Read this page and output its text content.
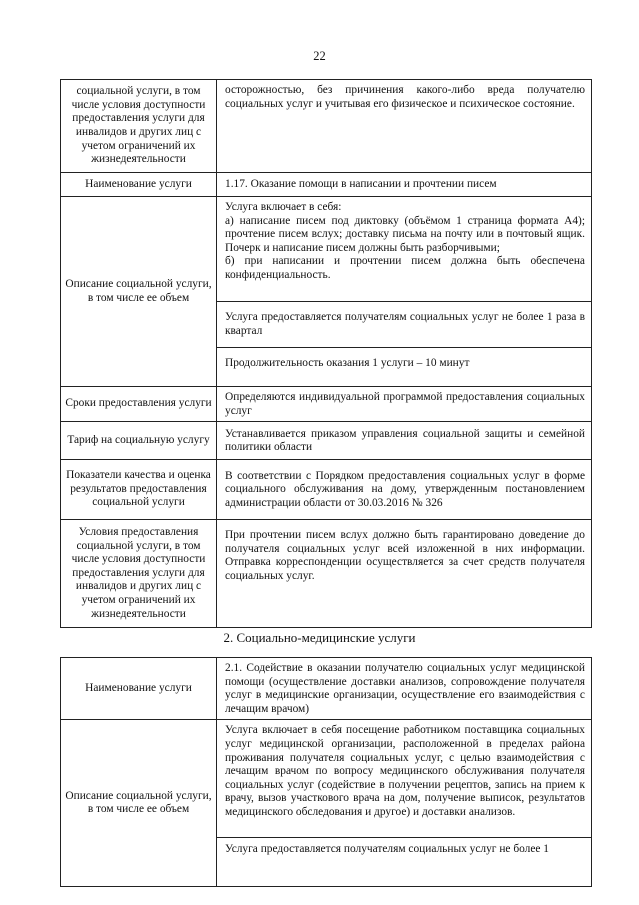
22
социальной услуги, в том числе условия доступности предоставления услуги для инвалидов и других лиц с учетом ограничений их жизнедеятельности	осторожностью, без причинения какого-либо вреда получателю социальных услуг и учитывая его физическое и психическое состояние.
Наименование услуги	1.17. Оказание помощи в написании и прочтении писем
Описание социальной услуги, в том числе ее объем	Услуга включает в себя:
а) написание писем под диктовку (объёмом 1 страница формата А4); прочтение писем вслух; доставку письма на почту или в почтовый ящик. Почерк и написание писем должны быть разборчивыми;
б) при написании и прочтении писем должна быть обеспечена конфиденциальность.
Услуга предоставляется получателям социальных услуг не более 1 раза в квартал
Продолжительность оказания 1 услуги – 10 минут

Сроки предоставления услуги	Определяются индивидуальной программой предоставления социальных услуг
Тариф на социальную услугу	Устанавливается приказом управления социальной защиты и семейной политики области
Показатели качества и оценка результатов предоставления социальной услуги	В соответствии с Порядком предоставления социальных услуг в форме социального обслуживания на дому, утвержденным постановлением администрации области от 30.03.2016 № 326
Условия предоставления социальной услуги, в том числе условия доступности предоставления услуги для инвалидов и других лиц с учетом ограничений их жизнедеятельности	При прочтении писем вслух должно быть гарантировано доведение до получателя социальных услуг всей изложенной в них информации. Отправка корреспонденции осуществляется за счет средств получателя социальных услуг.
2. Социально-медицинские услуги
Наименование услуги	2.1. Содействие в оказании получателю социальных услуг медицинской помощи (осуществление доставки анализов, сопровождение получателя услуг в медицинские организации, осуществление его взаимодействия с лечащим врачом)
Описание социальной услуги, в том числе ее объем	Услуга включает в себя посещение работником поставщика социальных услуг медицинской организации, расположенной в пределах района проживания получателя социальных услуг, с целью взаимодействия с лечащим врачом по вопросу медицинского обслуживания получателя социальных услуг (содействие в получении рецептов, запись на прием к врачу, вызов участкового врача на дом, получение выписок, результатов медицинского обследования и другое) и доставки анализов.
Услуга предоставляется получателям социальных услуг не более 1
